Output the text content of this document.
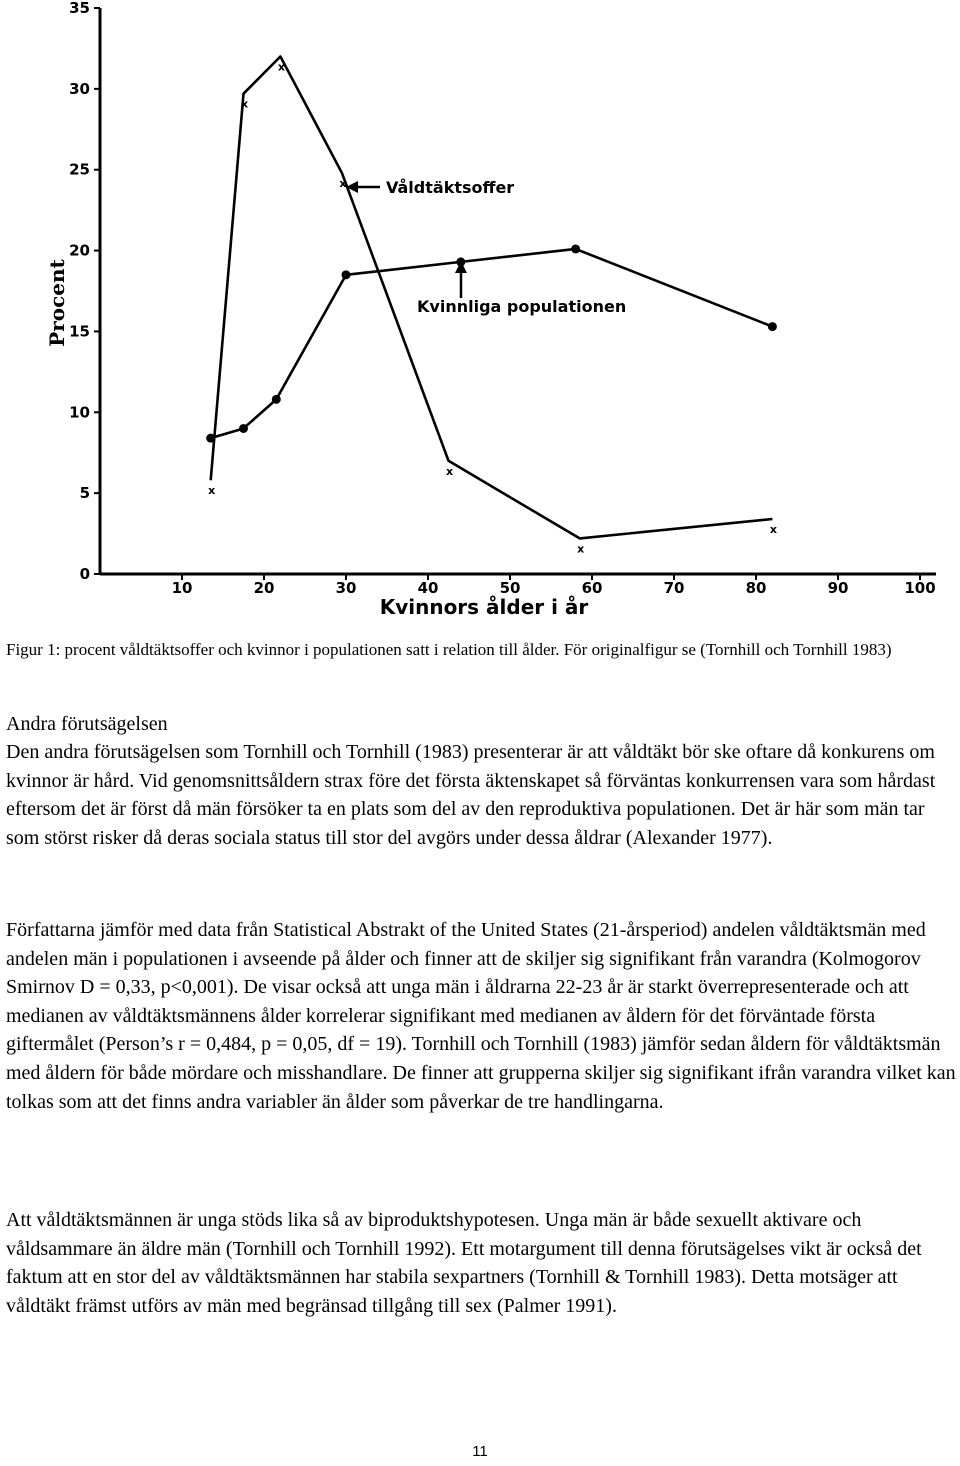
0
5
10
15
20
25
30
35
10	20	30	40	50	60	70	80	90	100
x
x
x
x
x
x
x
Procent
Kvinnors ålder i år
Våldtäktsoffer
Kvinnliga populationen
Figur 1: procent våldtäktsoffer och kvinnor i populationen satt i relation till ålder. För originalfigur se (Tornhill och Tornhill 1983)
Andra förutsägelsen

Den andra förutsägelsen som Tornhill och Tornhill (1983) presenterar är att våldtäkt bör ske oftare då konkurens om kvinnor är hård. Vid genomsnittsåldern strax före det första äktenskapet så förväntas konkurrensen vara som hårdast eftersom det är först då män försöker ta en plats som del av den reproduktiva populationen. Det är här som män tar som störst risker då deras sociala status till stor del avgörs under dessa åldrar (Alexander 1977).

Författarna jämför med data från Statistical Abstrakt of the United States (21-årsperiod) andelen våldtäktsmän med andelen män i populationen i avseende på ålder och finner att de skiljer sig signifikant från varandra (Kolmogorov Smirnov D = 0,33, p<0,001). De visar också att unga män i åldrarna 22-23 år är starkt överrepresenterade och att medianen av våldtäktsmännens ålder korrelerar signifikant med medianen av åldern för det förväntade första giftermålet (Person’s r = 0,484, p = 0,05, df = 19). Tornhill och Tornhill (1983) jämför sedan åldern för våldtäktsmän med åldern för både mördare och misshandlare. De finner att grupperna skiljer sig signifikant ifrån varandra vilket kan tolkas som att det finns andra variabler än ålder som påverkar de tre handlingarna.

Att våldtäktsmännen är unga stöds lika så av biproduktshypotesen. Unga män är både sexuellt aktivare och våldsammare än äldre män (Tornhill och Tornhill 1992). Ett motargument till denna förutsägelses vikt är också det faktum att en stor del av våldtäktsmännen har stabila sexpartners (Tornhill & Tornhill 1983). Detta motsäger att våldtäkt främst utförs av män med begränsad tillgång till sex (Palmer 1991).

11
